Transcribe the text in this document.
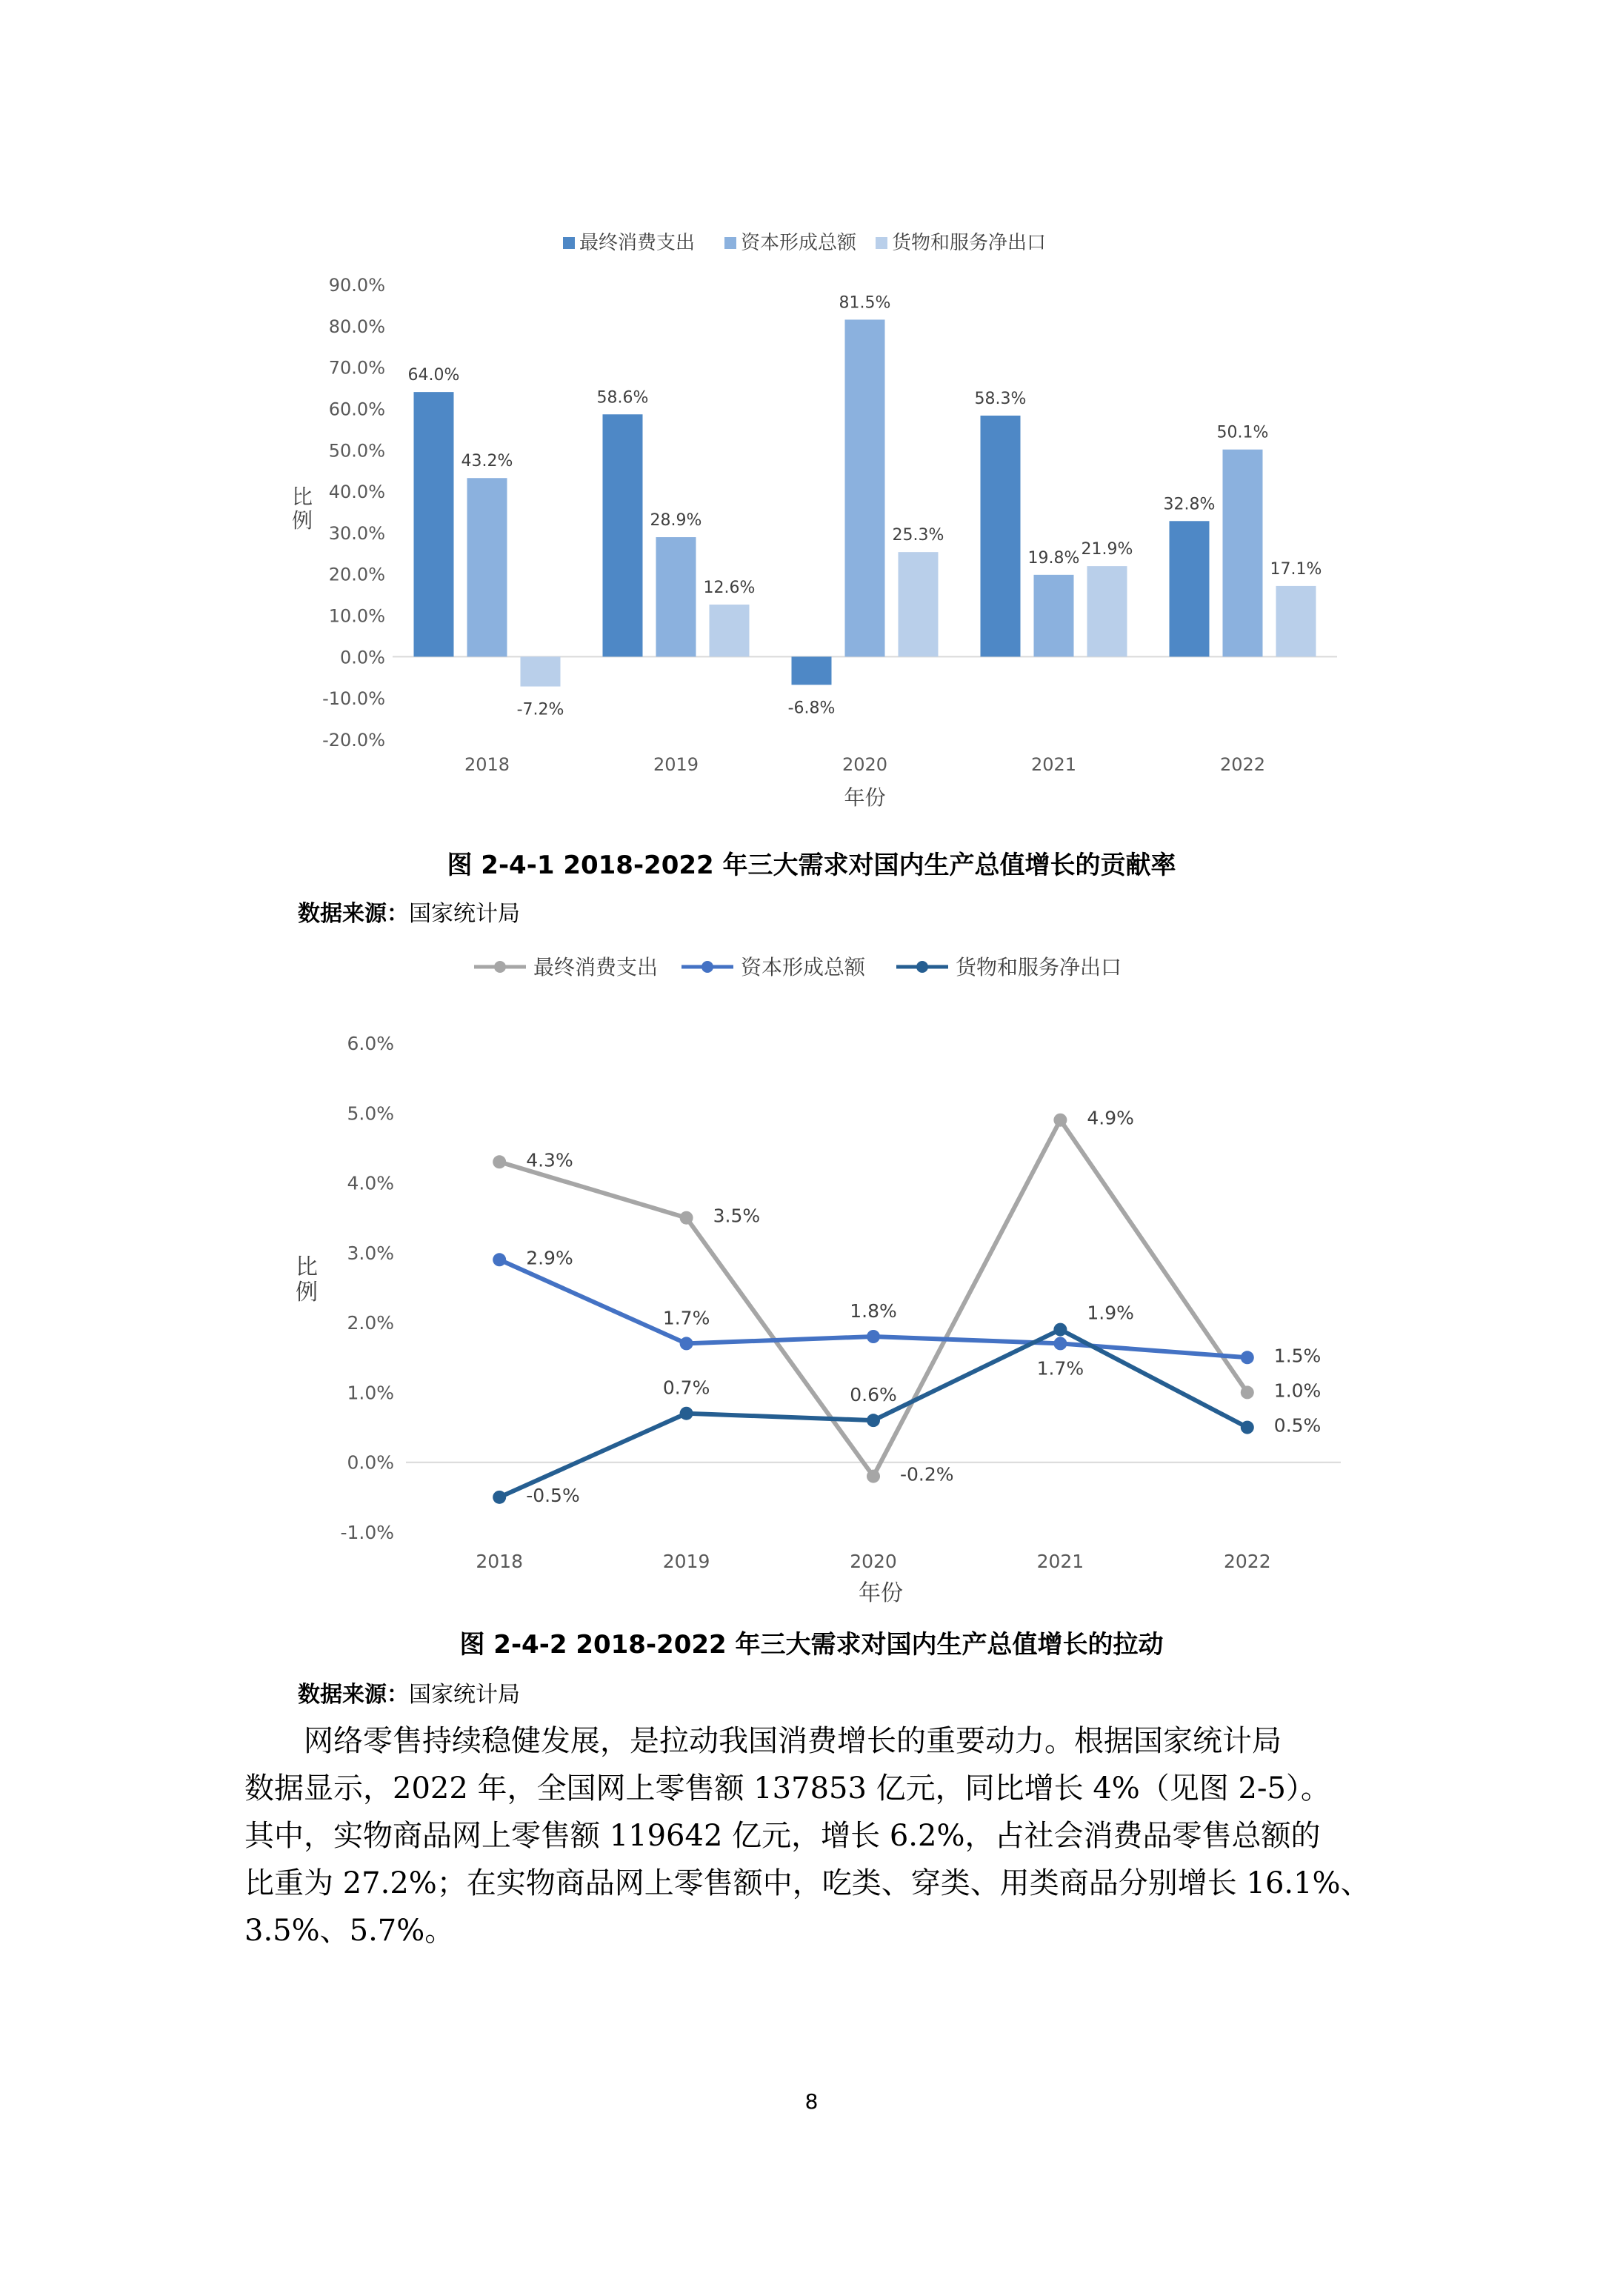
最终消费支出 资本形成总额 货物和服务净出口
-20.0%
-10.0%
0.0%
10.0%
20.0%
30.0%
40.0%
50.0%
60.0%
70.0%
80.0%
90.0%
比
例
64.0%
43.2%
-7.2%
2018
58.6%
28.9%
12.6%
2019
-6.8%
81.5%
25.3%
2020
58.3%
19.8% 21.9%
2021
32.8%
50.1%
17.1%
2022
年份
图 2-4-1 2018-2022 年三大需求对国内生产总值增长的贡献率
数据来源：国家统计局
最终消费支出	资本形成总额	货物和服务净出口
-1.0%
0.0%
1.0%
2.0%
3.0%
4.0%
5.0%
6.0%
比
例
4.3%
3.5%
-0.2%
4.9%
1.0%
2.9%
1.7%	1.8%
1.7%
1.5%
-0.5%
0.7%	0.6%
1.9%
0.5%
2018	2019	2020	2021	2022
年份
图 2-4-2 2018-2022 年三大需求对国内生产总值增长的拉动
数据来源：国家统计局

网络零售持续稳健发展，是拉动我国消费增长的重要动力。根据国家统计局

数据显示，2022 年，全国网上零售额 137853 亿元，同比增长 4%（见图 2-5）。

其中，实物商品网上零售额 119642 亿元，增长 6.2%，占社会消费品零售总额的

比重为 27.2%；在实物商品网上零售额中，吃类、穿类、用类商品分别增长 16.1%、

3.5%、5.7%。

8
